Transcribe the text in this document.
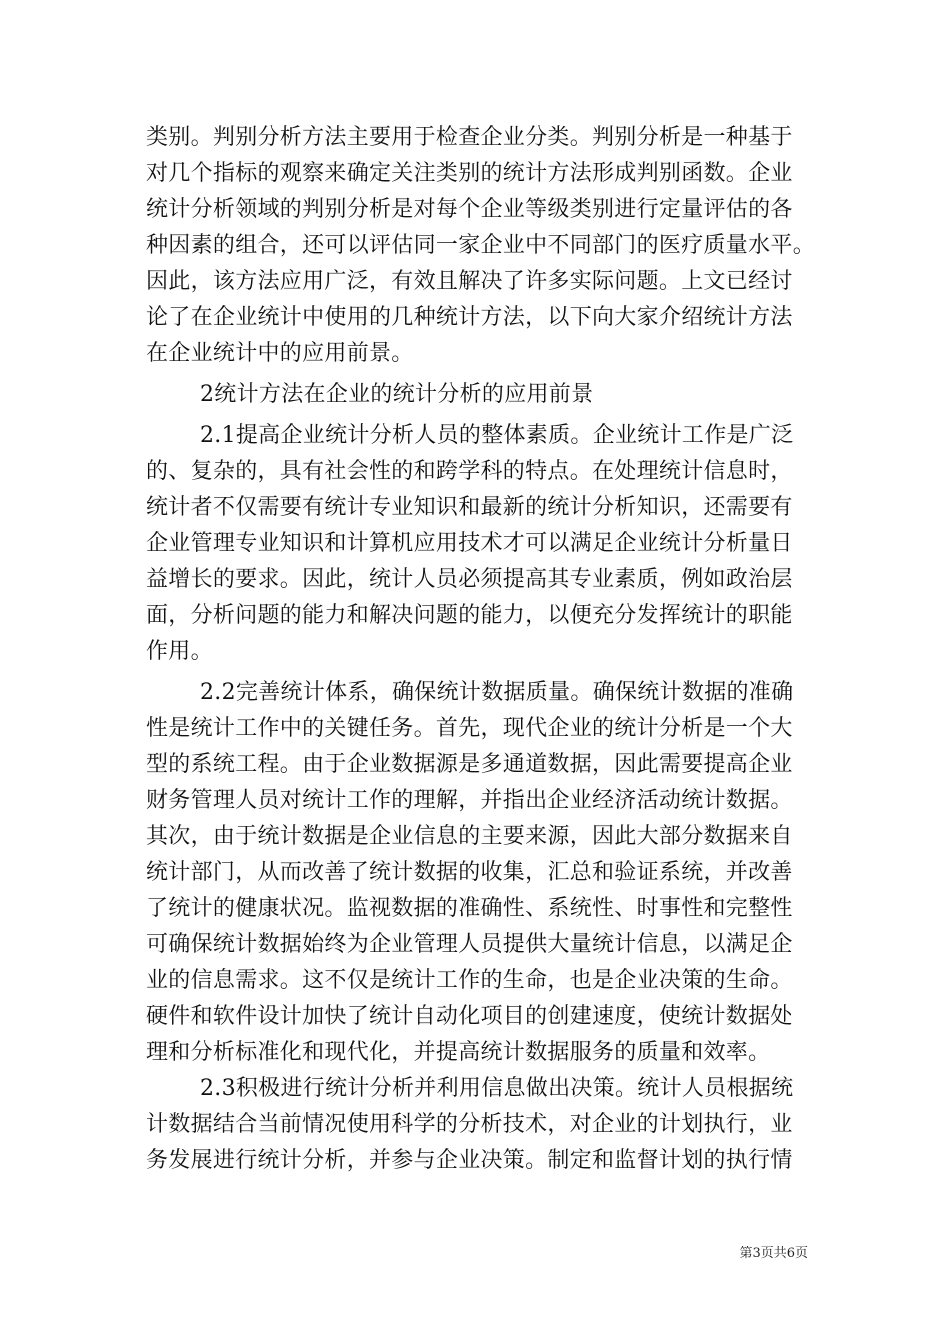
类别。判别分析方法主要用于检查企业分类。判别分析是一种基于
对几个指标的观察来确定关注类别的统计方法形成判别函数。企业
统计分析领域的判别分析是对每个企业等级类别进行定量评估的各
种因素的组合，还可以评估同一家企业中不同部门的医疗质量水平。
因此，该方法应用广泛，有效且解决了许多实际问题。上文已经讨
论了在企业统计中使用的几种统计方法，以下向大家介绍统计方法
在企业统计中的应用前景。
2统计方法在企业的统计分析的应用前景
2.1提高企业统计分析人员的整体素质。企业统计工作是广泛
的、复杂的，具有社会性的和跨学科的特点。在处理统计信息时，
统计者不仅需要有统计专业知识和最新的统计分析知识，还需要有
企业管理专业知识和计算机应用技术才可以满足企业统计分析量日
益增长的要求。因此，统计人员必须提高其专业素质，例如政治层
面，分析问题的能力和解决问题的能力，以便充分发挥统计的职能
作用。
2.2完善统计体系，确保统计数据质量。确保统计数据的准确
性是统计工作中的关键任务。首先，现代企业的统计分析是一个大
型的系统工程。由于企业数据源是多通道数据，因此需要提高企业
财务管理人员对统计工作的理解，并指出企业经济活动统计数据。
其次，由于统计数据是企业信息的主要来源，因此大部分数据来自
统计部门，从而改善了统计数据的收集，汇总和验证系统，并改善
了统计的健康状况。监视数据的准确性、系统性、时事性和完整性
可确保统计数据始终为企业管理人员提供大量统计信息，以满足企
业的信息需求。这不仅是统计工作的生命，也是企业决策的生命。
硬件和软件设计加快了统计自动化项目的创建速度，使统计数据处
理和分析标准化和现代化，并提高统计数据服务的质量和效率。
2.3积极进行统计分析并利用信息做出决策。统计人员根据统
计数据结合当前情况使用科学的分析技术，对企业的计划执行，业
务发展进行统计分析，并参与企业决策。制定和监督计划的执行情
第3页共6页
